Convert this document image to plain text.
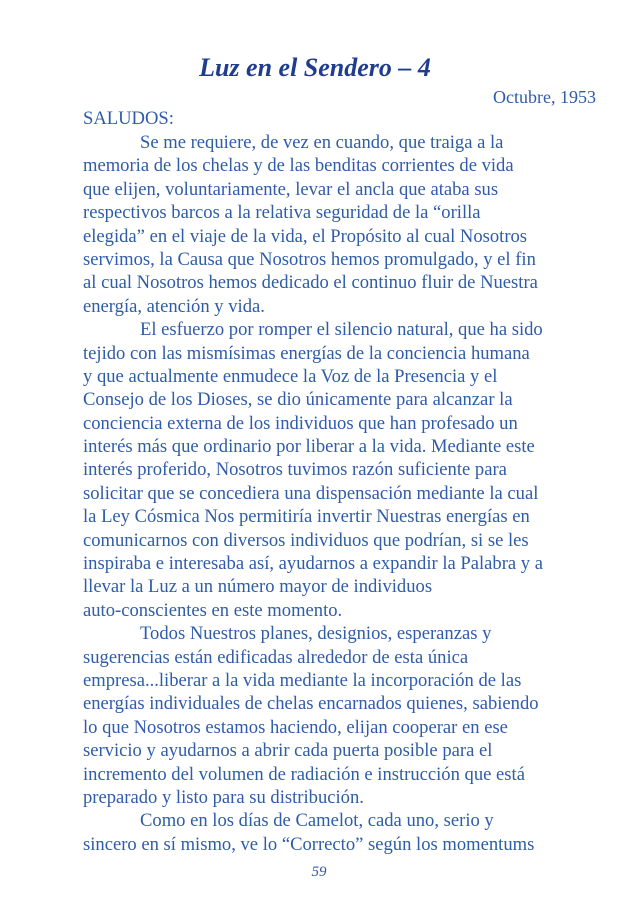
Luz en el Sendero – 4
Octubre, 1953
SALUDOS:
Se me requiere, de vez en cuando, que traiga a la
memoria de los chelas y de las benditas corrientes de vida
que elijen, voluntariamente, levar el ancla que ataba sus
respectivos barcos a la relativa seguridad de la “orilla
elegida” en el viaje de la vida, el Propósito al cual Nosotros
servimos, la Causa que Nosotros hemos promulgado, y el fin
al cual Nosotros hemos dedicado el continuo fluir de Nuestra
energía, atención y vida.
El esfuerzo por romper el silencio natural, que ha sido
tejido con las mismísimas energías de la conciencia humana
y que actualmente enmudece la Voz de la Presencia y el
Consejo de los Dioses, se dio únicamente para alcanzar la
conciencia externa de los individuos que han profesado un
interés más que ordinario por liberar a la vida. Mediante este
interés proferido, Nosotros tuvimos razón suficiente para
solicitar que se concediera una dispensación mediante la cual
la Ley Cósmica Nos permitiría invertir Nuestras energías en
comunicarnos con diversos individuos que podrían, si se les
inspiraba e interesaba así, ayudarnos a expandir la Palabra y a
llevar la Luz a un número mayor de individuos
auto-conscientes en este momento.
Todos Nuestros planes, designios, esperanzas y
sugerencias están edificadas alrededor de esta única
empresa...liberar a la vida mediante la incorporación de las
energías individuales de chelas encarnados quienes, sabiendo
lo que Nosotros estamos haciendo, elijan cooperar en ese
servicio y ayudarnos a abrir cada puerta posible para el
incremento del volumen de radiación e instrucción que está
preparado y listo para su distribución.
Como en los días de Camelot, cada uno, serio y
sincero en sí mismo, ve lo “Correcto” según los momentums
59
